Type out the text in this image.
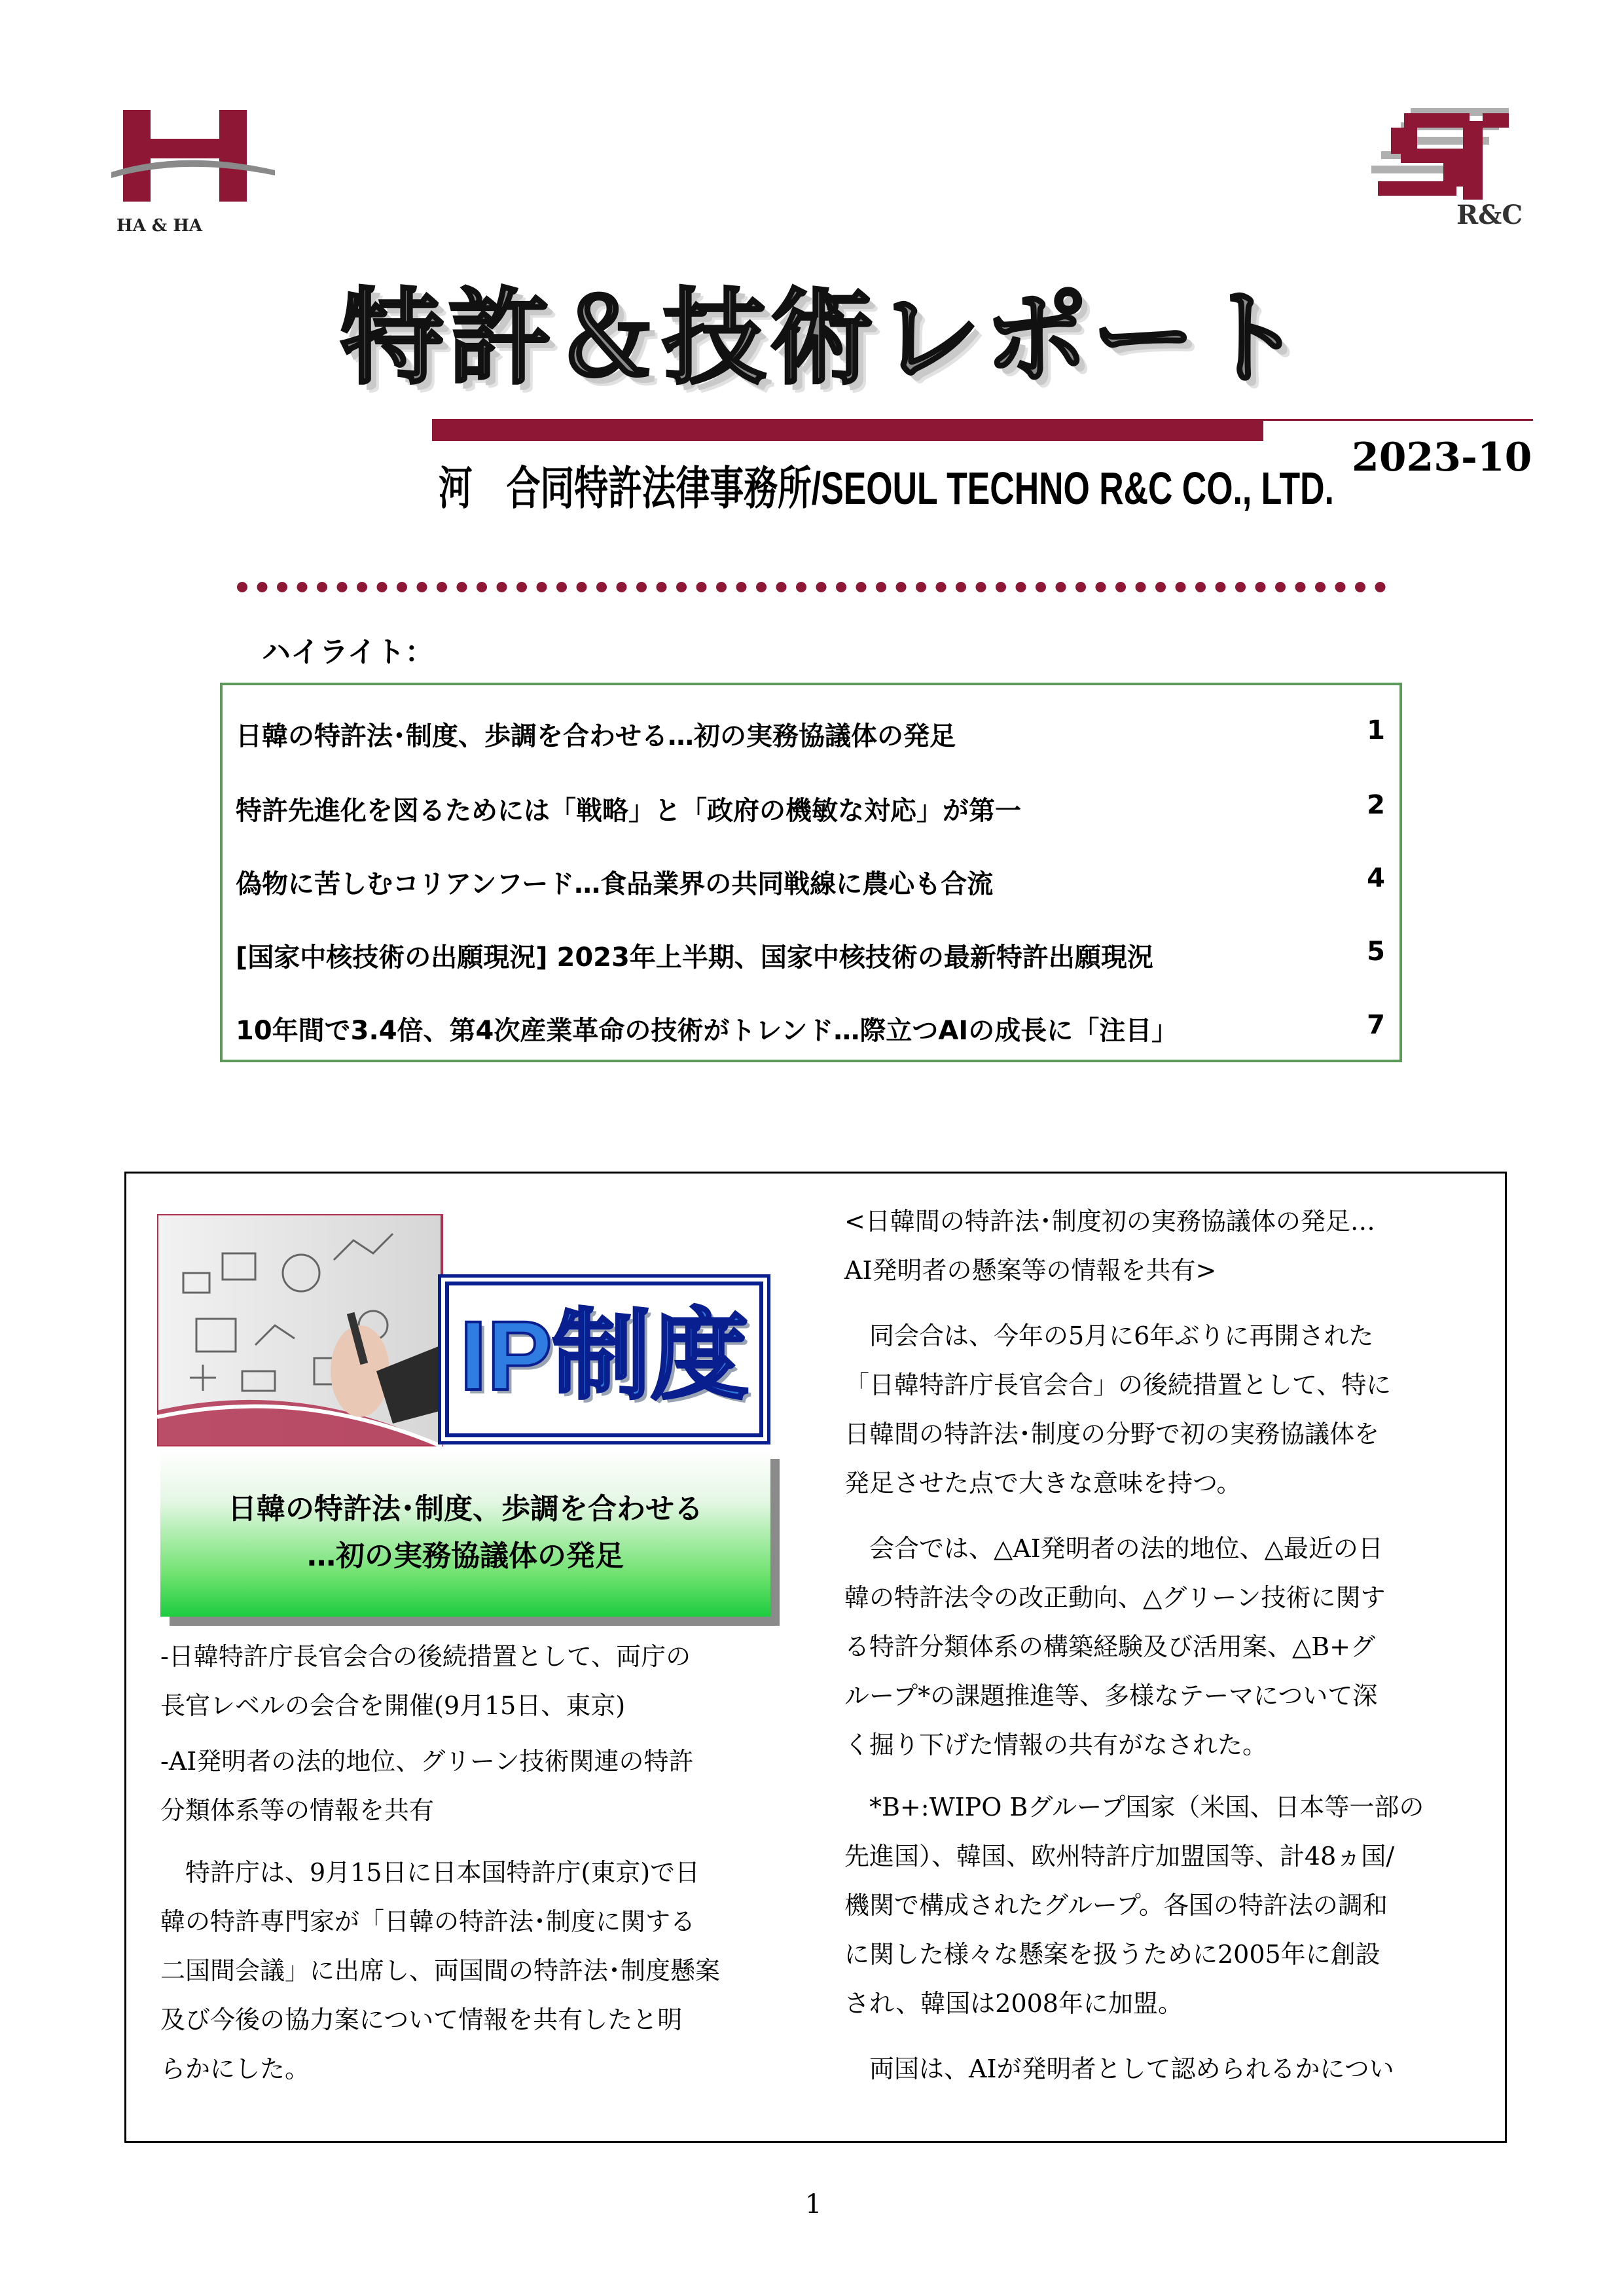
HA & HA	R&C
特許＆技術レポート
河　合同特許法律事務所/SEOUL TECHNO R&C CO., LTD.
2023-10
ハイライト：
日韓の特許法･制度、歩調を合わせる…初の実務協議体の発足	1
特許先進化を図るためには「戦略」と「政府の機敏な対応」が第一	2
偽物に苦しむコリアンフード…食品業界の共同戦線に農心も合流	4
[国家中核技術の出願現況] 2023年上半期、国家中核技術の最新特許出願現況	5
10年間で3.4倍、第4次産業革命の技術がトレンド…際立つAIの成長に「注目」	7
IP制度
日韓の特許法･制度、歩調を合わせる
…初の実務協議体の発足
-日韓特許庁長官会合の後続措置として、両庁の
長官レベルの会合を開催(9月15日、東京)
-AI発明者の法的地位、グリーン技術関連の特許
分類体系等の情報を共有
　特許庁は、9月15日に日本国特許庁(東京)で日
韓の特許専門家が「日韓の特許法･制度に関する
二国間会議」に出席し、両国間の特許法･制度懸案
及び今後の協力案について情報を共有したと明
らかにした。
<日韓間の特許法･制度初の実務協議体の発足…
AI発明者の懸案等の情報を共有>
　同会合は、今年の5月に6年ぶりに再開された
「日韓特許庁長官会合」の後続措置として、特に
日韓間の特許法･制度の分野で初の実務協議体を
発足させた点で大きな意味を持つ。
　会合では、△AI発明者の法的地位、△最近の日
韓の特許法令の改正動向、△グリーン技術に関す
る特許分類体系の構築経験及び活用案、△B+グ
ループ*の課題推進等、多様なテーマについて深
く掘り下げた情報の共有がなされた。
　*B+:WIPO Bグループ国家（米国、日本等一部の
先進国）、韓国、欧州特許庁加盟国等、計48ヵ国/
機関で構成されたグループ。各国の特許法の調和
に関した様々な懸案を扱うために2005年に創設
され、韓国は2008年に加盟。
　両国は、AIが発明者として認められるかについ
1
